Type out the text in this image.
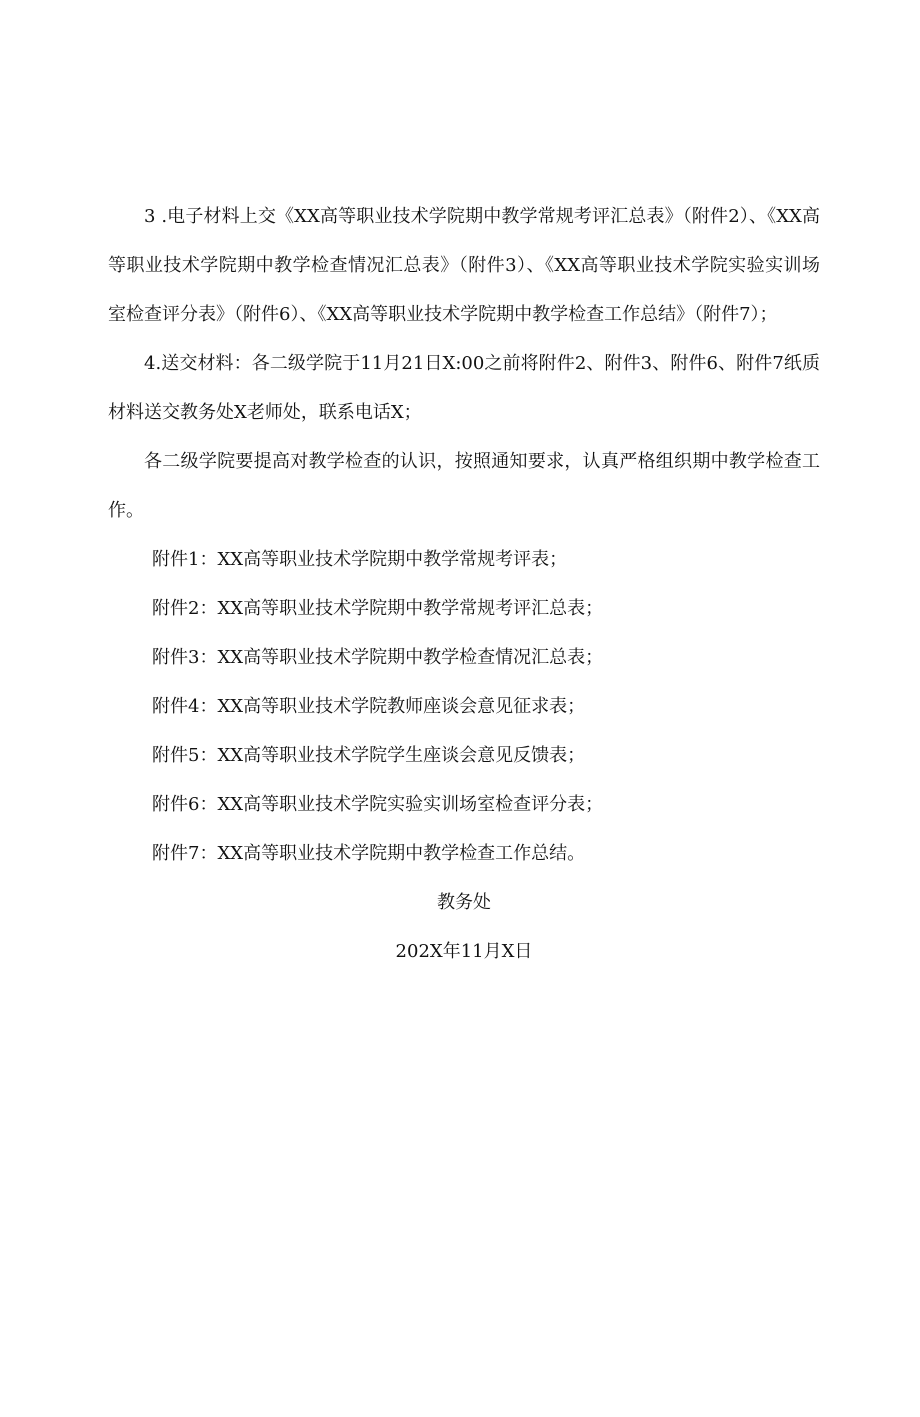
3 .电子材料上交《XX高等职业技术学院期中教学常规考评汇总表》（附件2）、《XX高等职业技术学院期中教学检查情况汇总表》（附件3）、《XX高等职业技术学院实验实训场室检查评分表》（附件6）、《XX高等职业技术学院期中教学检查工作总结》（附件7）；

4.送交材料：各二级学院于11月21日X:00之前将附件2、附件3、附件6、附件7纸质材料送交教务处X老师处，联系电话X；

各二级学院要提高对教学检查的认识，按照通知要求，认真严格组织期中教学检查工作。

附件1：XX高等职业技术学院期中教学常规考评表；

附件2：XX高等职业技术学院期中教学常规考评汇总表；

附件3：XX高等职业技术学院期中教学检查情况汇总表；

附件4：XX高等职业技术学院教师座谈会意见征求表；

附件5：XX高等职业技术学院学生座谈会意见反馈表；

附件6：XX高等职业技术学院实验实训场室检查评分表；

附件7：XX高等职业技术学院期中教学检查工作总结。

教务处

202X年11月X日
